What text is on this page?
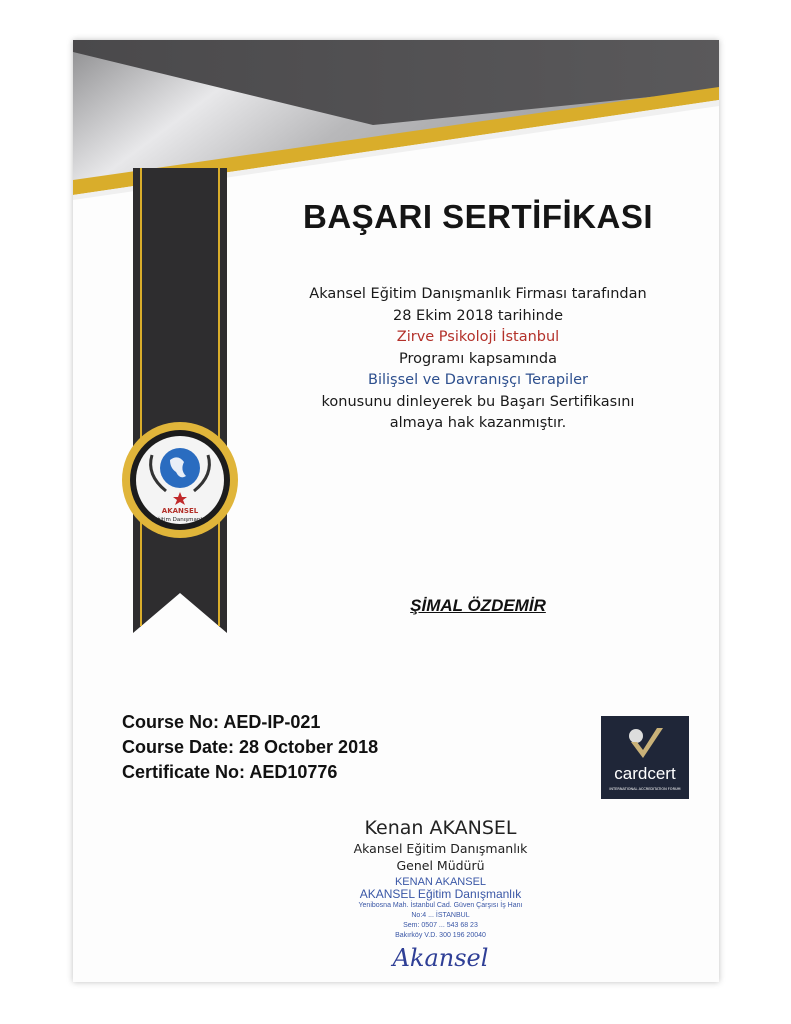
AKANSEL
Eğitim Danışmanlık
BAŞARI SERTİFİKASI
Akansel Eğitim Danışmanlık Firması tarafından
28 Ekim 2018 tarihinde
Zirve Psikoloji İstanbul
Programı kapsamında
Bilişsel ve Davranışçı Terapiler
konusunu dinleyerek bu Başarı Sertifikasını
almaya hak kazanmıştır.
ŞİMAL ÖZDEMİR
Course No: AED-IP-021
Course Date: 28 October 2018
Certificate No: AED10776	cardcert
INTERNATIONAL ACCREDITATION FORUM
Kenan AKANSEL
Akansel Eğitim Danışmanlık
Genel Müdürü
KENAN AKANSEL
AKANSEL Eğitim Danışmanlık
Yenibosna Mah. İstanbul Cad. Güven Çarşısı İş Hanı
No:4 ... İSTANBUL
Sem: 0507 ... 543 68 23
Bakırköy V.D. 300 196 20040
Akansel
